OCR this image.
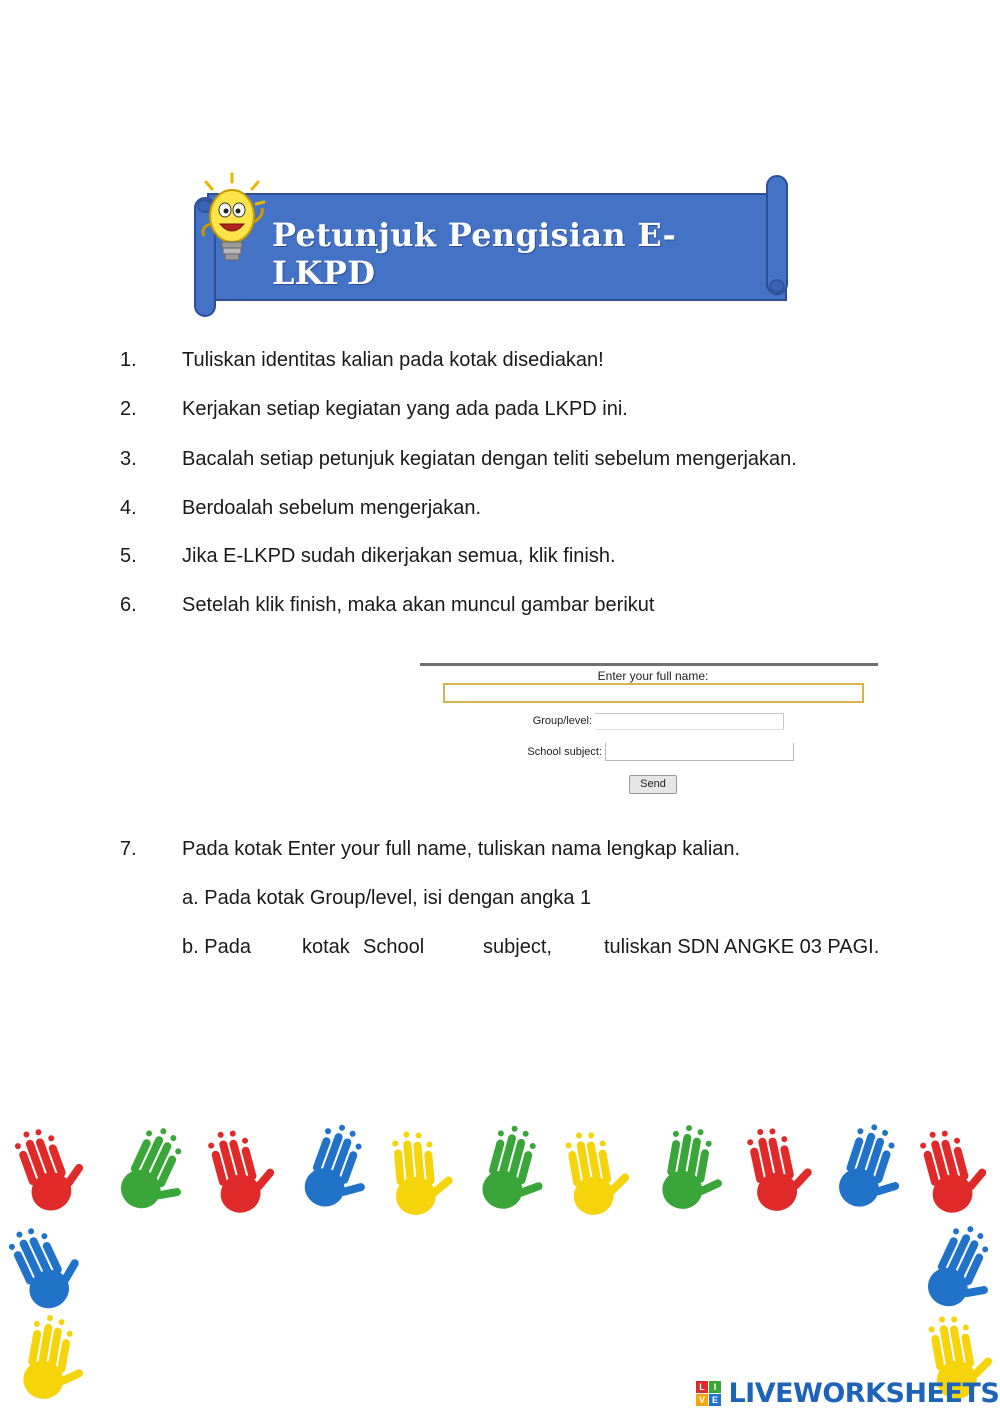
Petunjuk Pengisian E-LKPD
1.	Tuliskan identitas kalian pada kotak disediakan!
2.	Kerjakan setiap kegiatan yang ada pada LKPD ini.
3.	Bacalah setiap petunjuk kegiatan dengan teliti sebelum mengerjakan.
4.	Berdoalah sebelum mengerjakan.
5.	Jika E-LKPD sudah dikerjakan semua, klik finish.
6.	Setelah klik finish, maka akan muncul gambar berikut
7.	Pada kotak Enter your full name, tuliskan nama lengkap kalian.
a. Pada kotak Group/level, isi dengan angka 1
b. Pada	kotak School	subject,	tuliskan SDN ANGKE 03 PAGI.
Enter your full name:
Group/level:
School subject:
Send
L I
V E LIVEWORKSHEETS
